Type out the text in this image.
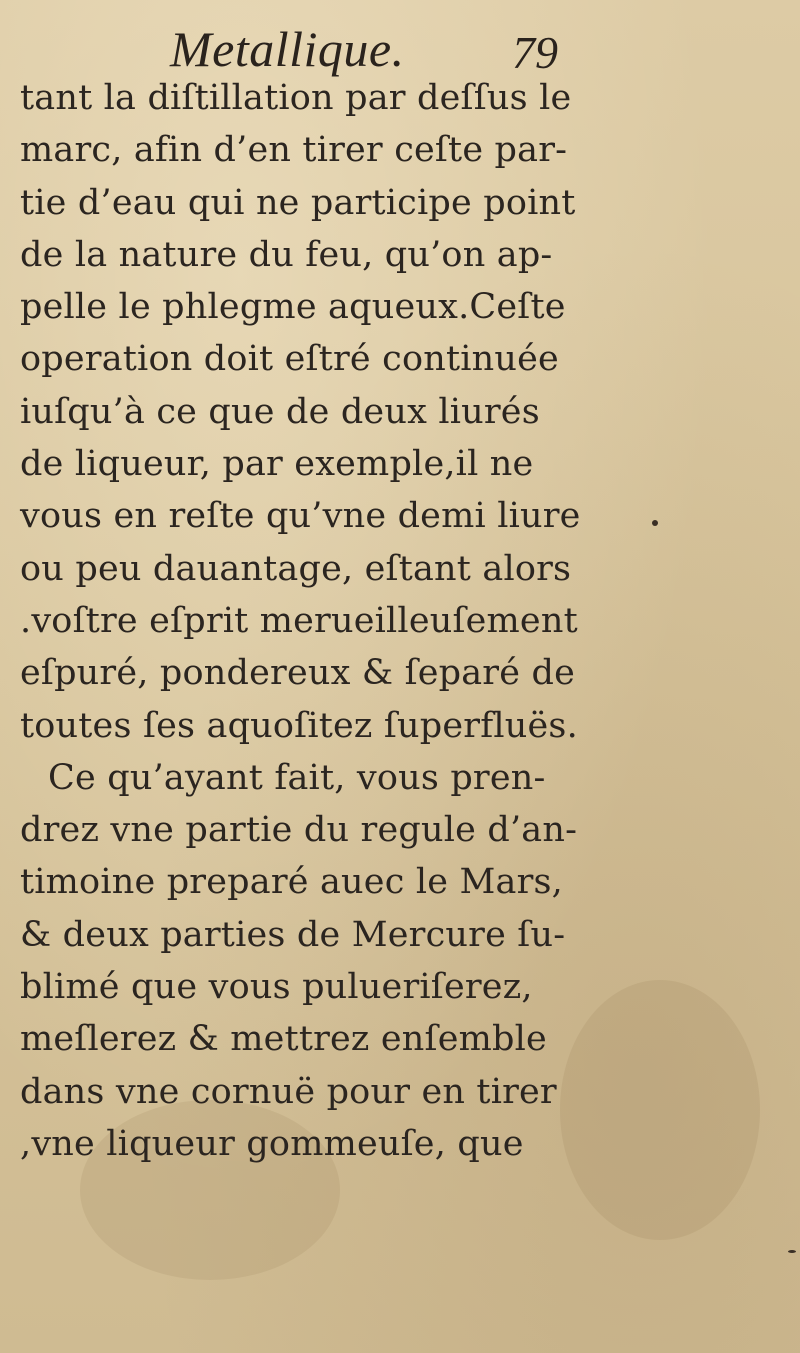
Metallique. 79
tant la diſtillation par deſſus le
marc, afin d’en tirer ceſte par-
tie d’eau qui ne participe point
de la nature du feu, qu’on ap-
pelle le phlegme aqueux.Ceſte
operation doit eſtré continuée
iuſqu’à ce que de deux liurés
de liqueur, par exemple,il ne
vous en reſte qu’vne demi liure
ou peu dauantage, eſtant alors
.voſtre eſprit merueilleuſement
eſpuré, pondereux & ſeparé de
toutes ſes aquoſitez ſuperfluës.
Ce qu’ayant fait, vous pren-
drez vne partie du regule d’an-
timoine preparé auec le Mars,
& deux parties de Mercure ſu-
blimé que vous pulueriſerez,
meſlerez & mettrez enſemble
dans vne cornuë pour en tirer
,vne liqueur gommeuſe, que
